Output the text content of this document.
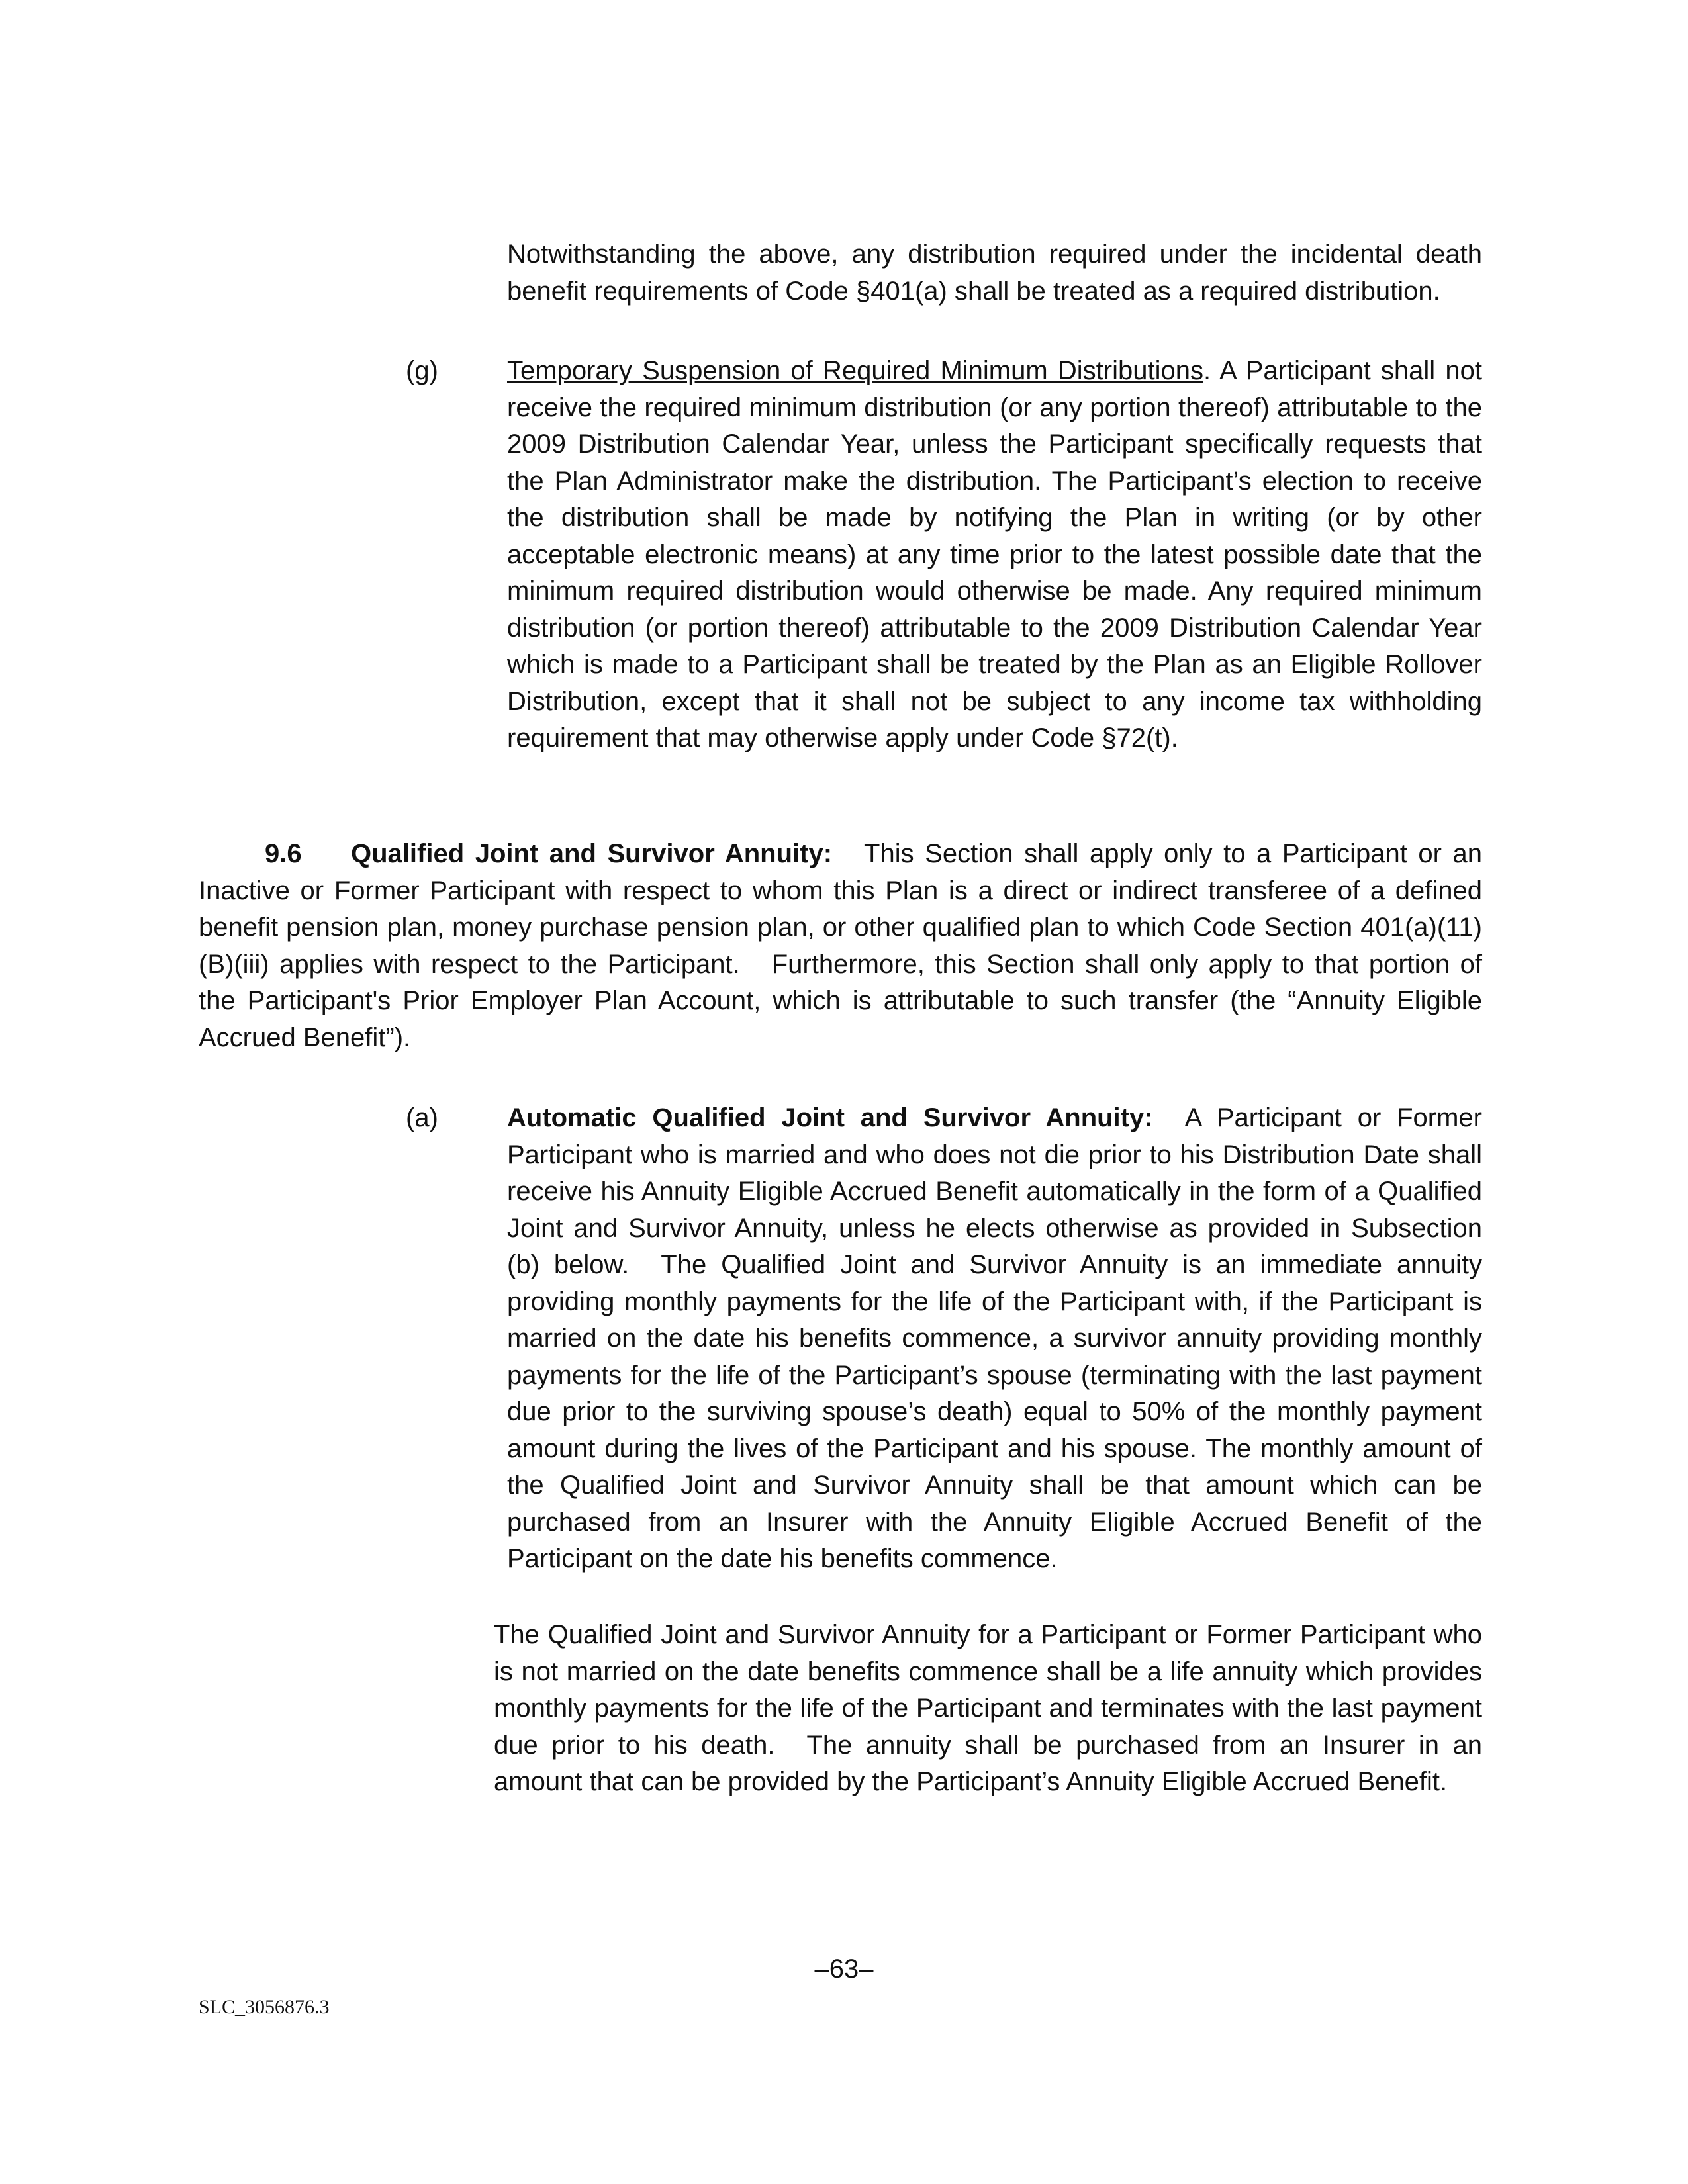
Notwithstanding the above, any distribution required under the incidental death benefit requirements of Code §401(a) shall be treated as a required distribution.

(g)	Temporary Suspension of Required Minimum Distributions. A Participant shall not receive the required minimum distribution (or any portion thereof) attributable to the 2009 Distribution Calendar Year, unless the Participant specifically requests that the Plan Administrator make the distribution. The Participant’s election to receive the distribution shall be made by notifying the Plan in writing (or by other acceptable electronic means) at any time prior to the latest possible date that the minimum required distribution would otherwise be made. Any required minimum distribution (or portion thereof) attributable to the 2009 Distribution Calendar Year which is made to a Participant shall be treated by the Plan as an Eligible Rollover Distribution, except that it shall not be subject to any income tax withholding requirement that may otherwise apply under Code §72(t).

9.6 Qualified Joint and Survivor Annuity: This Section shall apply only to a Participant or an Inactive or Former Participant with respect to whom this Plan is a direct or indirect transferee of a defined benefit pension plan, money purchase pension plan, or other qualified plan to which Code Section 401(a)(11)(B)(iii) applies with respect to the Participant. Furthermore, this Section shall only apply to that portion of the Participant's Prior Employer Plan Account, which is attributable to such transfer (the “Annuity Eligible Accrued Benefit”).

(a)	Automatic Qualified Joint and Survivor Annuity: A Participant or Former Participant who is married and who does not die prior to his Distribution Date shall receive his Annuity Eligible Accrued Benefit automatically in the form of a Qualified Joint and Survivor Annuity, unless he elects otherwise as provided in Subsection (b) below. The Qualified Joint and Survivor Annuity is an immediate annuity providing monthly payments for the life of the Participant with, if the Participant is married on the date his benefits commence, a survivor annuity providing monthly payments for the life of the Participant’s spouse (terminating with the last payment due prior to the surviving spouse’s death) equal to 50% of the monthly payment amount during the lives of the Participant and his spouse. The monthly amount of the Qualified Joint and Survivor Annuity shall be that amount which can be purchased from an Insurer with the Annuity Eligible Accrued Benefit of the Participant on the date his benefits commence.

The Qualified Joint and Survivor Annuity for a Participant or Former Participant who is not married on the date benefits commence shall be a life annuity which provides monthly payments for the life of the Participant and terminates with the last payment due prior to his death. The annuity shall be purchased from an Insurer in an amount that can be provided by the Participant’s Annuity Eligible Accrued Benefit.

–63–
SLC_3056876.3
